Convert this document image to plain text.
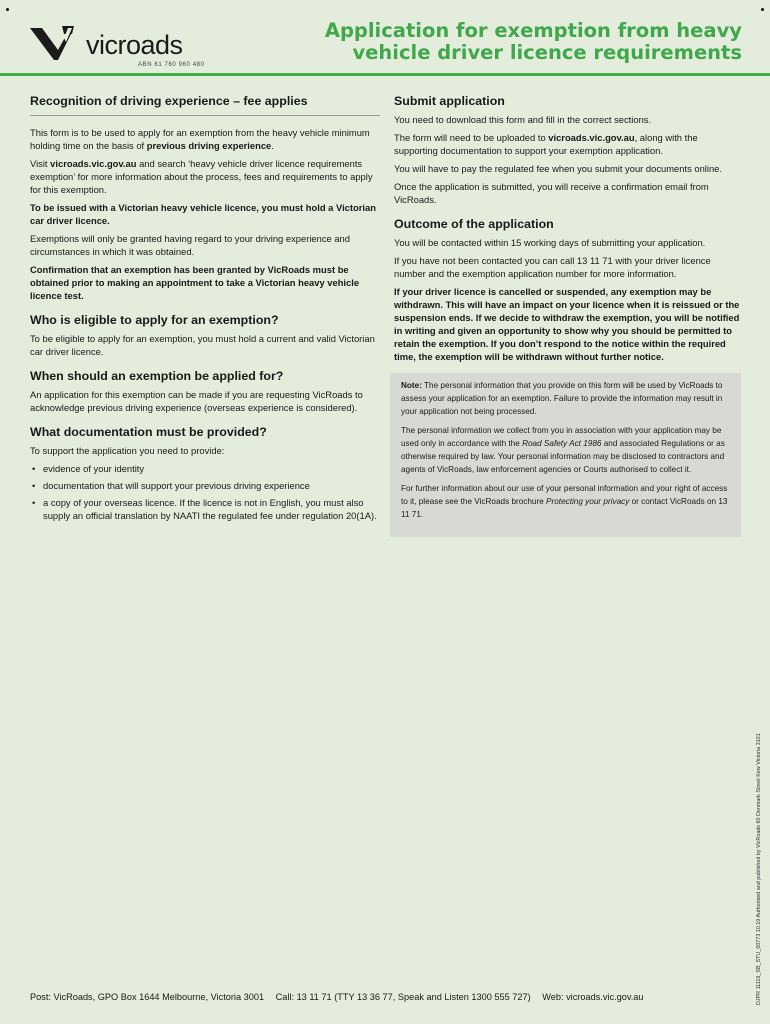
vicroads
ABN 61 760 960 480
Application for exemption from heavy vehicle driver licence requirements
Recognition of driving experience – fee applies

This form is to be used to apply for an exemption from the heavy vehicle minimum holding time on the basis of previous driving experience.

Visit vicroads.vic.gov.au and search ‘heavy vehicle driver licence requirements exemption’ for more information about the process, fees and requirements to apply for this exemption.

To be issued with a Victorian heavy vehicle licence, you must hold a Victorian car driver licence.

Exemptions will only be granted having regard to your driving experience and circumstances in which it was obtained.

Confirmation that an exemption has been granted by VicRoads must be obtained prior to making an appointment to take a Victorian heavy vehicle licence test.

Who is eligible to apply for an exemption?

To be eligible to apply for an exemption, you must hold a current and valid Victorian car driver licence.

When should an exemption be applied for?

An application for this exemption can be made if you are requesting VicRoads to acknowledge previous driving experience (overseas experience is considered).

What documentation must be provided?

To support the application you need to provide:

• evidence of your identity
• documentation that will support your previous driving experience
• a copy of your overseas licence. If the licence is not in English, you must also supply an official translation by NAATI the regulated fee under regulation 20(1A).
Submit application

You need to download this form and fill in the correct sections.

The form will need to be uploaded to vicroads.vic.gov.au, along with the supporting documentation to support your exemption application.

You will have to pay the regulated fee when you submit your documents online.

Once the application is submitted, you will receive a confirmation email from VicRoads.

Outcome of the application

You will be contacted within 15 working days of submitting your application.

If you have not been contacted you can call 13 11 71 with your driver licence number and the exemption application number for more information.

If your driver licence is cancelled or suspended, any exemption may be withdrawn. This will have an impact on your licence when it is reissued or the suspension ends. If we decide to withdraw the exemption, you will be notified in writing and given an opportunity to show why you should be permitted to retain the exemption. If you don’t respond to the notice within the required time, the exemption will be withdrawn without further notice.

Note: The personal information that you provide on this form will be used by VicRoads to assess your application for an exemption. Failure to provide the information may result in your application not being processed.

The personal information we collect from you in association with your application may be used only in accordance with the Road Safety Act 1986 and associated Regulations or as otherwise required by law. Your personal information may be disclosed to contractors and agents of VicRoads, law enforcement agencies or Courts authorised to collect it.

For further information about our use of your personal information and your right of access to it, please see the VicRoads brochure Protecting your privacy or contact VicRoads on 13 11 71.

DJPR 11119_SB_STU_00773 10.19 Authorised and published by VicRoads 60 Denmark Street Kew Victoria 3101
Post: VicRoads, GPO Box 1644 Melbourne, Victoria 3001 Call: 13 11 71 (TTY 13 36 77, Speak and Listen 1300 555 727) Web: vicroads.vic.gov.au
